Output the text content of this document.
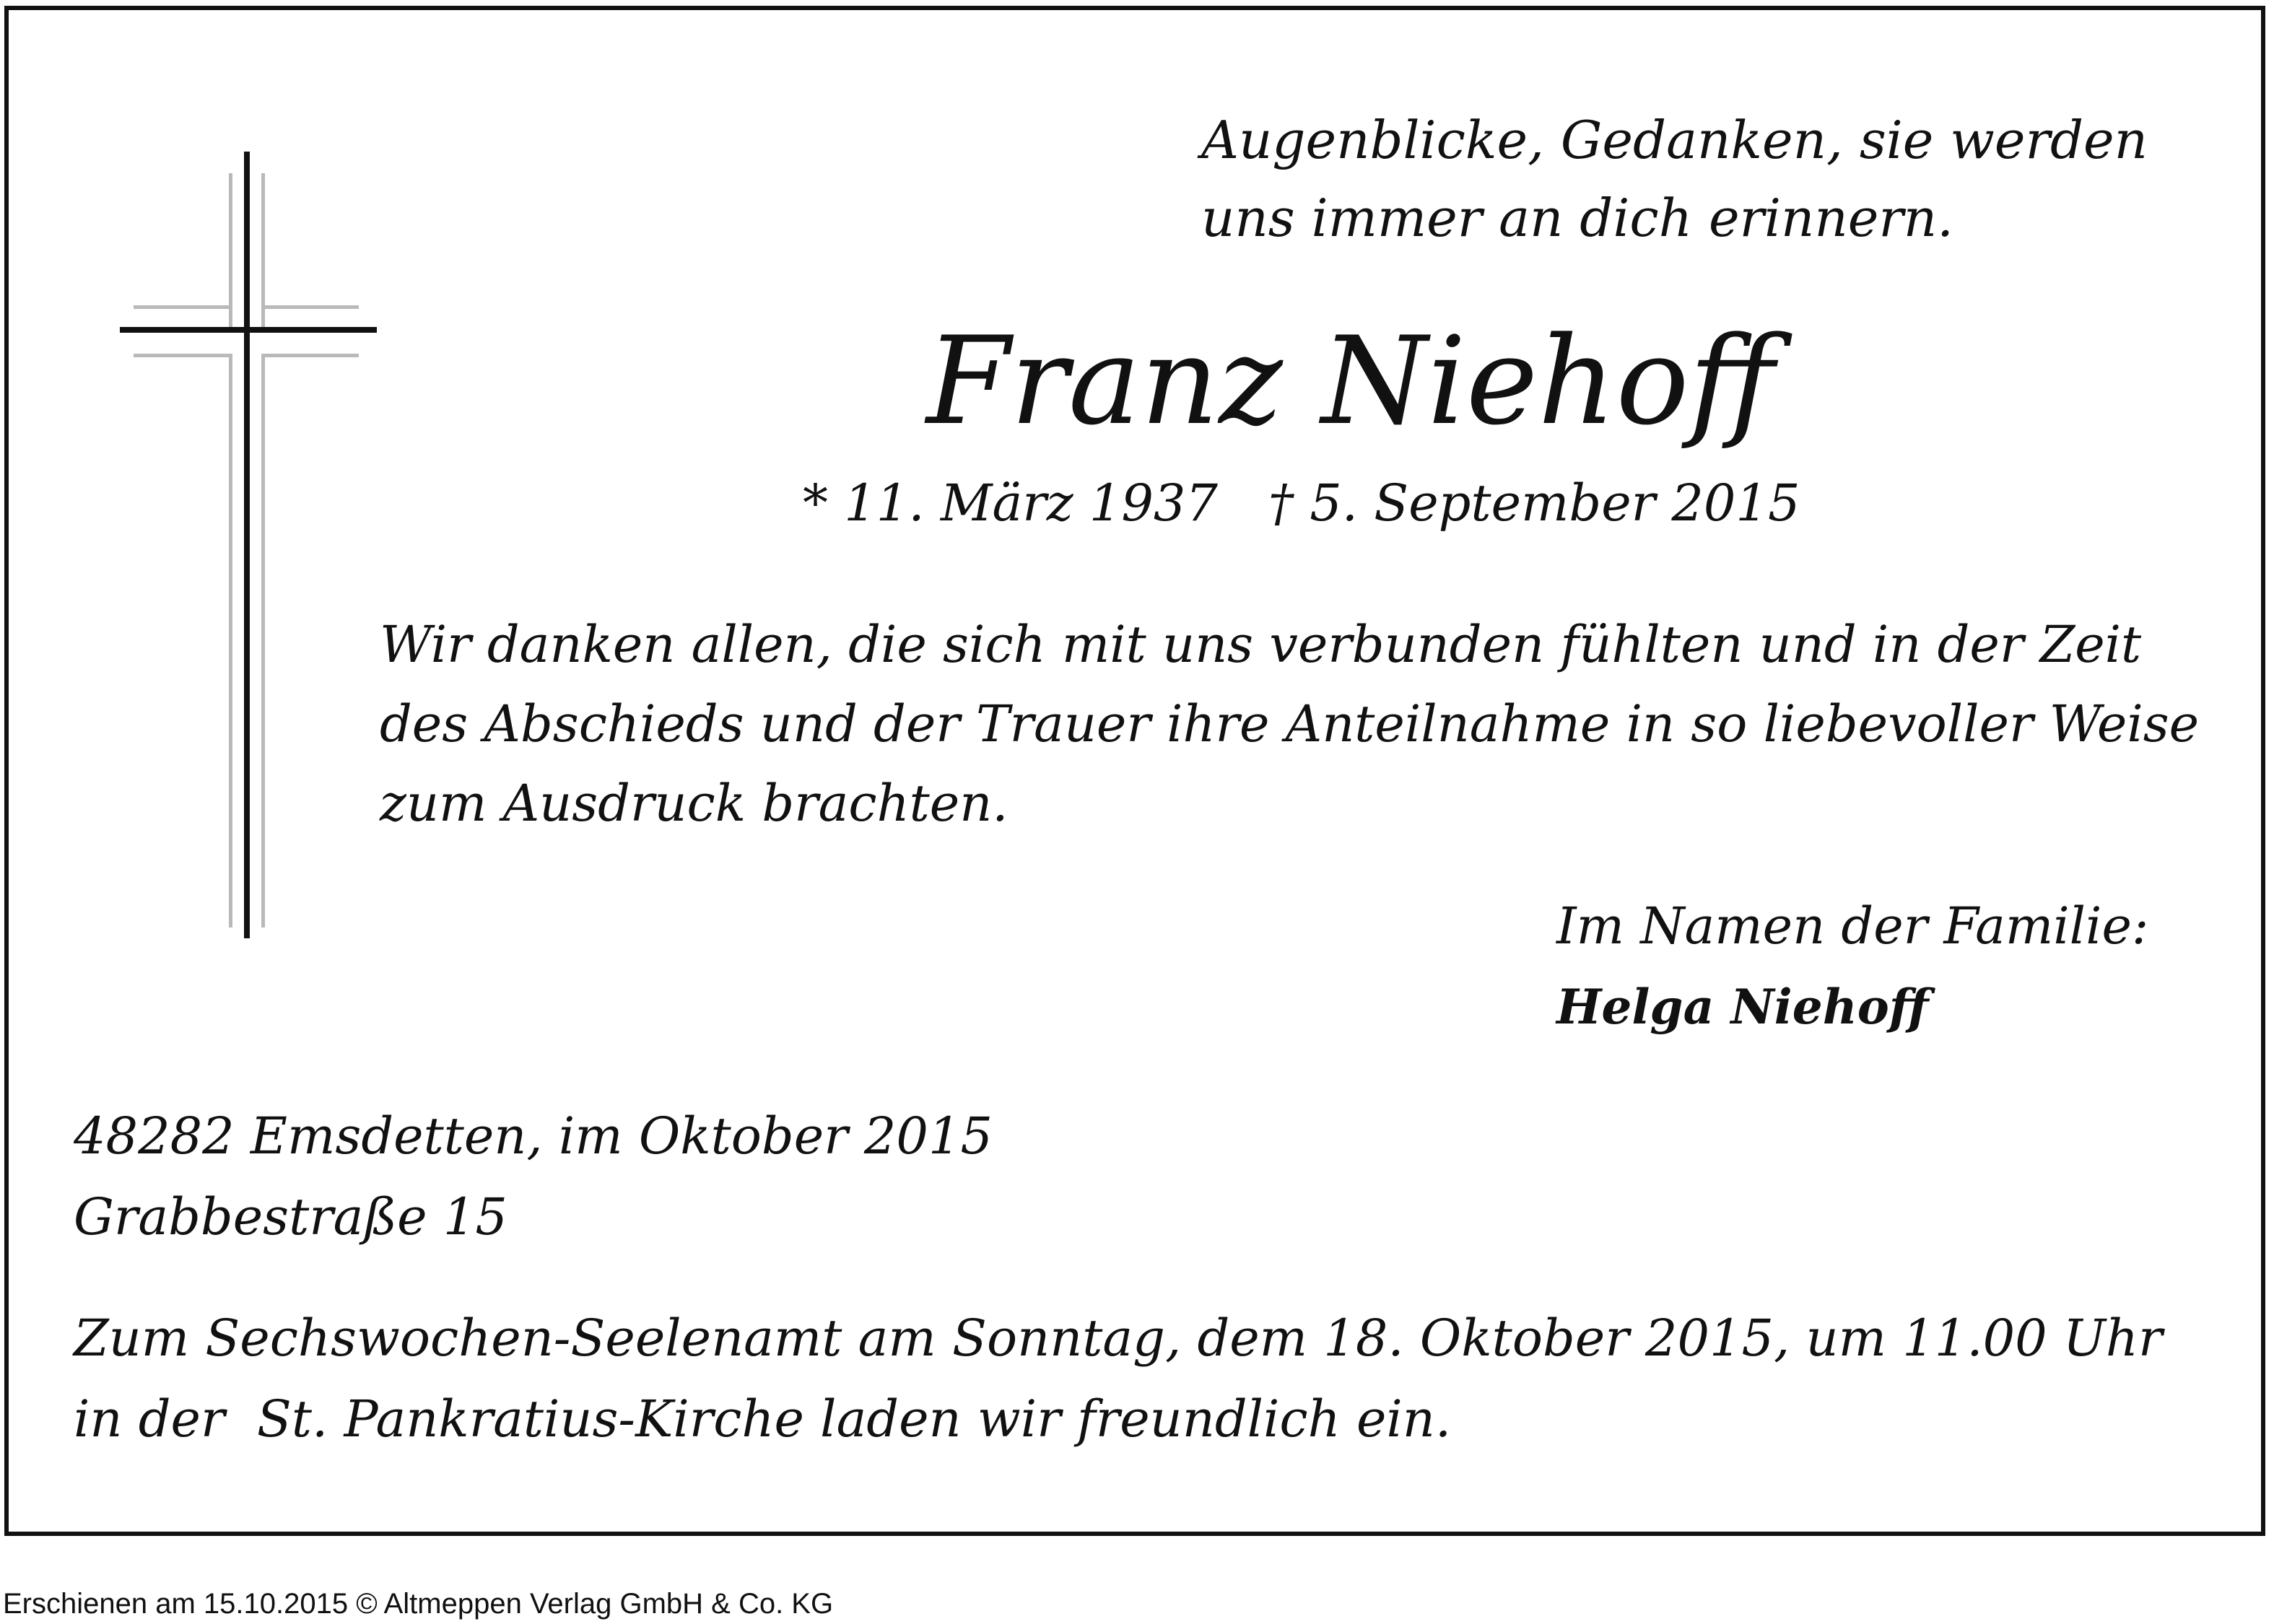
Augenblicke, Gedanken, sie werden
uns immer an dich erinnern.
Franz Niehoff
* 11. März 1937 † 5. September 2015
Wir danken allen, die sich mit uns verbunden fühlten und in der Zeit
des Abschieds und der Trauer ihre Anteilnahme in so liebevoller Weise
zum Ausdruck brachten.
Im Namen der Familie:
Helga Niehoff
48282 Emsdetten, im Oktober 2015
Grabbestraße 15
Zum Sechswochen-Seelenamt am Sonntag, dem 18. Oktober 2015, um 11.00 Uhr
in der  St. Pankratius-Kirche laden wir freundlich ein.
Erschienen am 15.10.2015 © Altmeppen Verlag GmbH & Co. KG
